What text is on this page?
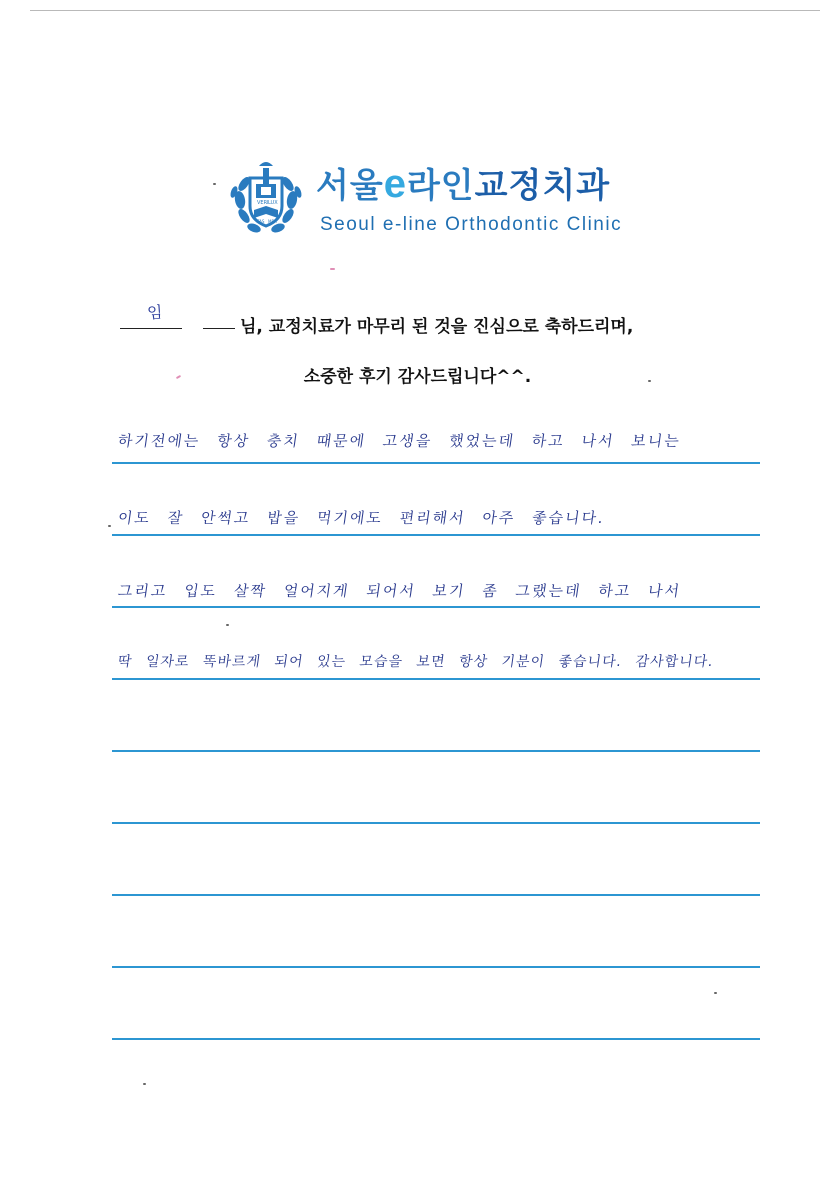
VERI LUX
TAS MEA
서울e라인교정치과
Seoul e-line Orthodontic Clinic
임
님, 교정치료가 마무리 된 것을 진심으로 축하드리며,
소중한 후기 감사드립니다^^.
하기전에는 항상 충치 때문에 고생을 했었는데 하고 나서 보니는
이도 잘 안썩고 밥을 먹기에도 편리해서 아주 좋습니다.
그리고 입도 살짝 얼어지게 되어서 보기 좀 그랬는데 하고 나서
딱 일자로 똑바르게 되어 있는 모습을 보면 항상 기분이 좋습니다. 감사합니다.
